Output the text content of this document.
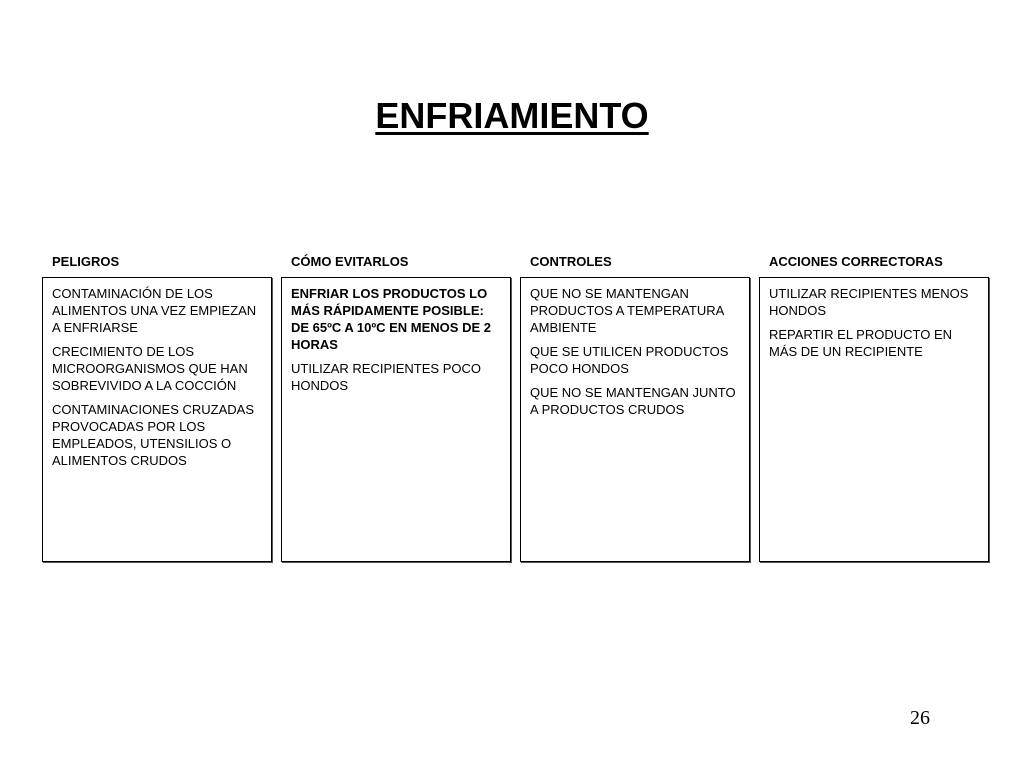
ENFRIAMIENTO
PELIGROS

CONTAMINACIÓN DE LOS ALIMENTOS UNA VEZ EMPIEZAN A ENFRIARSE

CRECIMIENTO DE LOS MICROORGANISMOS QUE HAN SOBREVIVIDO A LA COCCIÓN

CONTAMINACIONES CRUZADAS PROVOCADAS POR LOS EMPLEADOS, UTENSILIOS O ALIMENTOS CRUDOS

CÓMO EVITARLOS

ENFRIAR LOS PRODUCTOS LO MÁS RÁPIDAMENTE POSIBLE: DE 65ºC A 10ºC EN MENOS DE 2 HORAS

UTILIZAR RECIPIENTES POCO HONDOS

CONTROLES

QUE NO SE MANTENGAN PRODUCTOS A TEMPERATURA AMBIENTE

QUE SE UTILICEN PRODUCTOS POCO HONDOS

QUE NO SE MANTENGAN JUNTO A PRODUCTOS CRUDOS

ACCIONES CORRECTORAS

UTILIZAR RECIPIENTES MENOS HONDOS

REPARTIR EL PRODUCTO EN MÁS DE UN RECIPIENTE

26
